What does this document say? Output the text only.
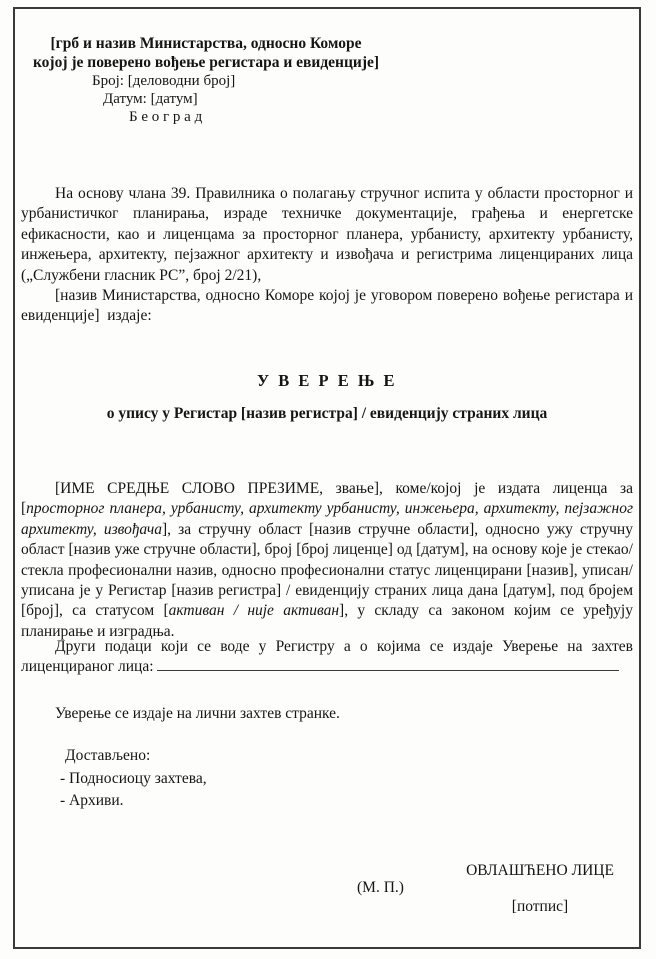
[грб и назив Министарства, односно Коморе
којој је поверено вођење регистара и евиденције]
Број: [деловодни број]
Датум: [датум]
Б е о г р а д
На основу члана 39. Правилника о полагању стручног испита у области просторног и урбанистичког планирања, израде техничке документације, грађења и енергетске ефикасности, као и лиценцама за просторног планера, урбанисту, архитекту урбанисту, инжењера, архитекту, пејзажног архитекту и извођача и регистрима лиценцираних лица („Службени гласник РС”, број 2/21),
[назив Министарства, односно Коморе којој је уговором поверено вођење регистара и евиденције]  издаје:
У В Е Р Е Њ Е
о упису у Регистар [назив регистра] / евиденцију страних лица
[ИМЕ СРЕДЊЕ СЛОВО ПРЕЗИМЕ, звање], коме/којој је издата лиценца за [просторног планера, урбанисту, архитекту урбанисту, инжењера, архитекту, пејзажног архитекту, извођача], за стручну област [назив стручне области], односно ужу стручну област [назив уже стручне области], број [број лиценце] од [датум], на основу које је стекао/стекла професионални назив, односно професионални статус лиценцирани [назив], уписан/уписана је у Регистар [назив регистра] / евиденцију страних лица дана [датум], под бројем [број], са статусом [активан / није активан], у складу са законом којим се уређују планирање и изградња.
Други подаци који се воде у Регистру а о којима се издаје Уверење на захтев лиценцираног лица:
Уверење се издаје на лични захтев странке.
Достављено:
- Подносиоцу захтева,
- Архиви.
ОВЛАШЋЕНО ЛИЦЕ
(М. П.)
[потпис]
